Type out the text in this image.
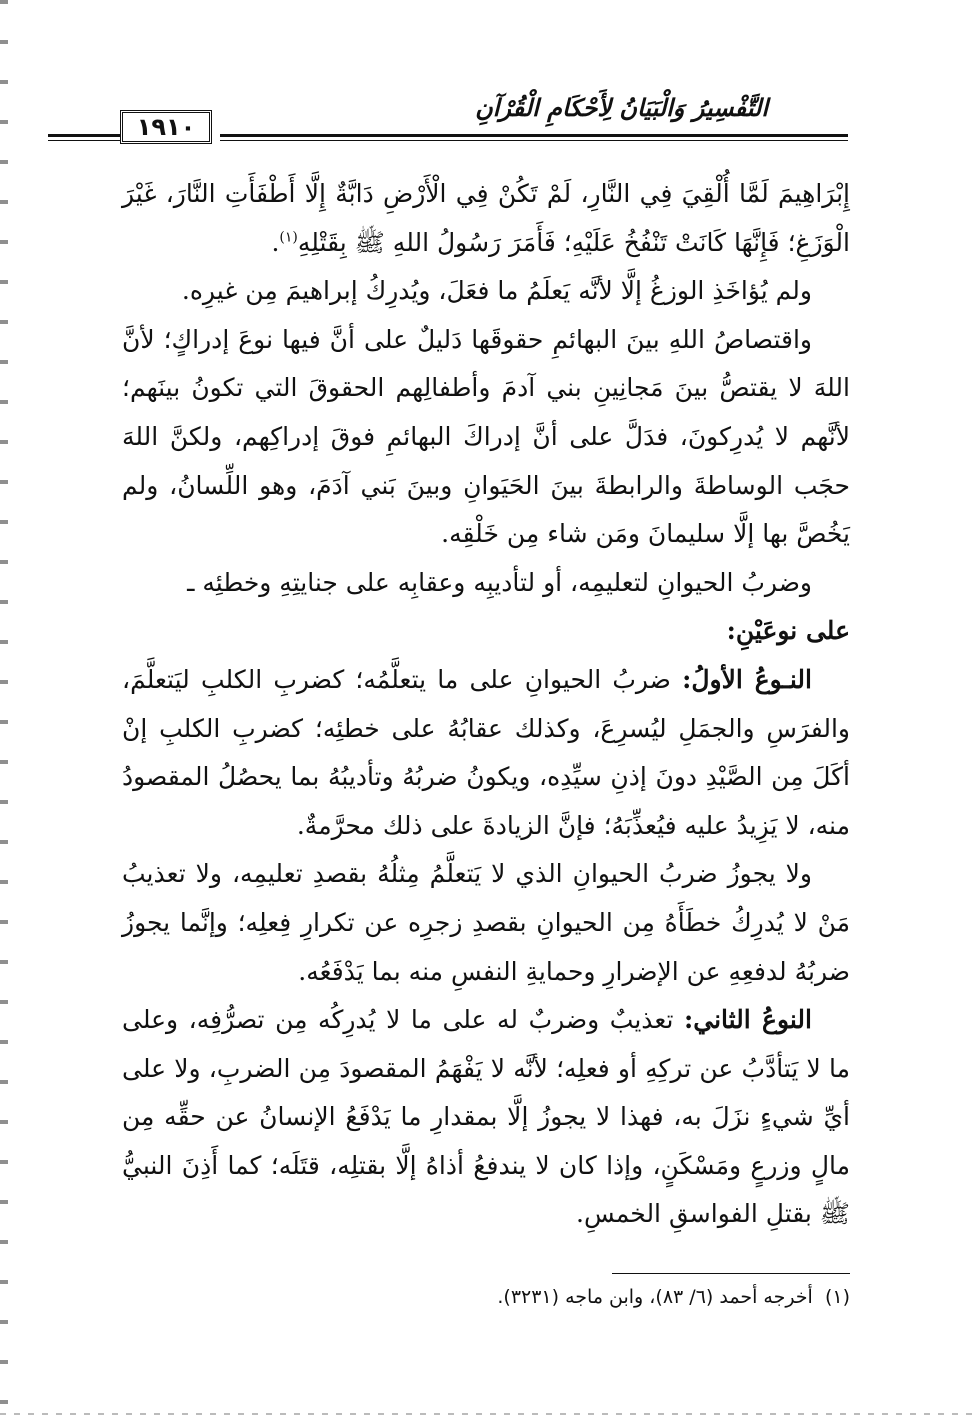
التَّفْسِيرُ وَالْبَيَانُ لِأَحْكَامِ الْقُرْآنِ
١٩١٠

إِبْرَاهِيمَ لَمَّا أُلْقِيَ فِي النَّارِ، لَمْ تَكُنْ فِي الْأَرْضِ دَابَّةٌ إِلَّا أَطْفَأَتِ النَّارَ، غَيْرَ الْوَزَغِ؛ فَإِنَّهَا كَانَتْ تَنْفُخُ عَلَيْهِ؛ فَأَمَرَ رَسُولُ اللهِ ﷺ بِقَتْلِهِ$^{(١)}$.

ولم يُؤاخَذِ الوزغُ إلَّا لأنَّه يَعلَمُ ما فعَلَ، ويُدرِكُ إبراهيمَ مِن غيرِه.

واقتصاصُ اللهِ بينَ البهائمِ حقوقَها دَليلٌ على أنَّ فيها نوعَ إدراكٍ؛ لأنَّ اللهَ لا يقتصُّ بينَ مَجانِينِ بني آدمَ وأطفالِهم الحقوقَ التي تكونُ بينَهم؛ لأنَّهم لا يُدرِكونَ، فدَلَّ على أنَّ إدراكَ البهائمِ فوقَ إدراكِهم، ولكنَّ اللهَ حجَب الوساطةَ والرابطةَ بينَ الحَيَوانِ وبينَ بَني آدَمَ، وهو اللِّسانُ، ولم يَخُصَّ بها إلَّا سليمانَ ومَن شاء مِن خَلْقِه.

وضربُ الحيوانِ لتعليمِه، أو لتأديبِه وعقابِه على جنايتِهِ وخطئِه ـ

على نوعَيْنِ:

النـوعُ الأولُ: ضربُ الحيوانِ على ما يتعلَّمُه؛ كضربِ الكلبِ ليَتعلَّمَ، والفرَسِ والجمَلِ ليُسرِعَ، وكذلك عقابُهُ على خطئِه؛ كضربِ الكلبِ إنْ أكَلَ مِن الصَّيْدِ دونَ إذنِ سيِّدِه، ويكونُ ضربُهُ وتأديبُهُ بما يحصُلُ المقصودُ منه، لا يَزِيدُ عليه فيُعذِّبَهُ؛ فإنَّ الزيادةَ على ذلك محرَّمةٌ.

ولا يجوزُ ضربُ الحيوانِ الذي لا يَتعلَّمُ مِثلُهُ بقصدِ تعليمِه، ولا تعذيبُ مَنْ لا يُدرِكُ خطَأَهُ مِن الحيوانِ بقصدِ زجرِه عن تكرارِ فِعلِه؛ وإنَّما يجوزُ ضربُهُ لدفعِهِ عن الإضرارِ وحمايةِ النفسِ منه بما يَدْفَعُه.

النوعُ الثاني: تعذيبٌ وضربٌ له على ما لا يُدرِكُه مِن تصرُّفِه، وعلى ما لا يَتأدَّبُ عن تركِهِ أو فعلِه؛ لأنَّه لا يَفْهَمُ المقصودَ مِن الضربِ، ولا على أيِّ شيءٍ نزَلَ به، فهذا لا يجوزُ إلَّا بمقدارِ ما يَدْفَعُ الإنسانُ عن حقِّه مِن مالٍ وزرعٍ ومَسْكَنٍ، وإذا كان لا يندفعُ أذاهُ إلَّا بقتلِه، قتَلَه؛ كما أَذِنَ النبيُّ ﷺ بقتلِ الفواسقِ الخمسِ.

(١)  أخرجه أحمد (٦/ ٨٣)، وابن ماجه (٣٢٣١).
